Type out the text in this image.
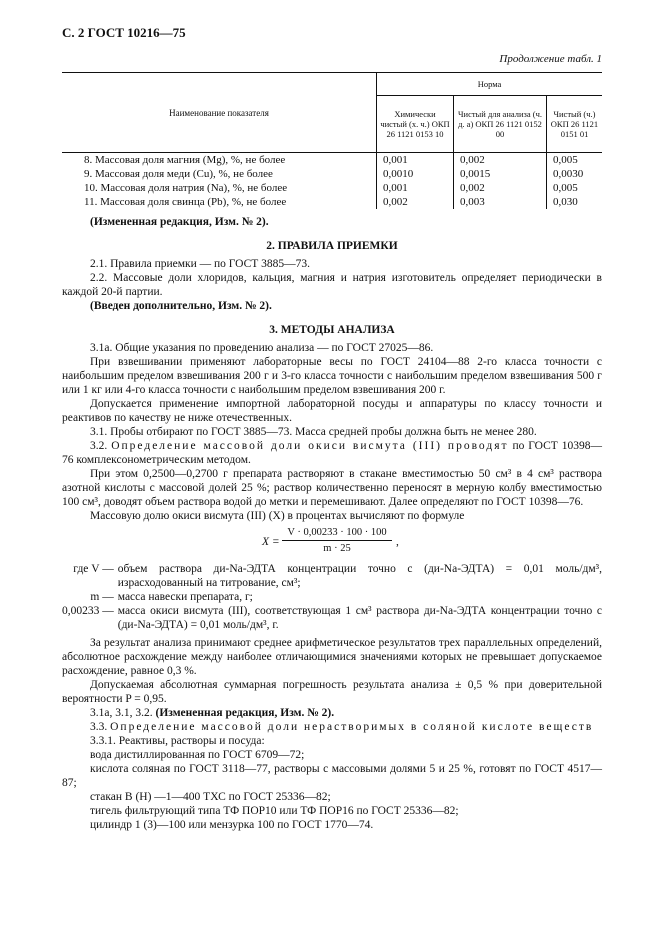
С. 2 ГОСТ 10216—75
Продолжение табл. 1
Наименование показателя	Норма		
	Химически чистый (х. ч.) ОКП 26 1121 0153 10	Чистый для анализа (ч. д. а) ОКП 26 1121 0152 00	Чистый (ч.) ОКП 26 1121 0151 01
8. Массовая доля магния (Mg), %, не более	0,001	0,002	0,005
9. Массовая доля меди (Cu), %, не более	0,0010	0,0015	0,0030
10. Массовая доля натрия (Na), %, не более	0,001	0,002	0,005
11. Массовая доля свинца (Pb), %, не более	0,002	0,003	0,030

(Измененная редакция, Изм. № 2).

2. ПРАВИЛА ПРИЕМКИ

2.1. Правила приемки — по ГОСТ 3885—73.

2.2. Массовые доли хлоридов, кальция, магния и натрия изготовитель определяет периодически в каждой 20-й партии.

(Введен дополнительно, Изм. № 2).

3. МЕТОДЫ АНАЛИЗА

3.1а. Общие указания по проведению анализа — по ГОСТ 27025—86.

При взвешивании применяют лабораторные весы по ГОСТ 24104—88 2-го класса точности с наибольшим пределом взвешивания 200 г и 3-го класса точности с наибольшим пределом взвешивания 500 г или 1 кг или 4-го класса точности с наибольшим пределом взвешивания 200 г.

Допускается применение импортной лабораторной посуды и аппаратуры по классу точности и реактивов по качеству не ниже отечественных.

3.1. Пробы отбирают по ГОСТ 3885—73. Масса средней пробы должна быть не менее 280.

3.2. Определение массовой доли окиси висмута (III) проводят по ГОСТ 10398—76 комплексонометрическим методом.

При этом 0,2500—0,2700 г препарата растворяют в стакане вместимостью 50 см³ в 4 см³ раствора азотной кислоты с массовой долей 25 %; раствор количественно переносят в мерную колбу вместимостью 100 см³, доводят объем раствора водой до метки и перемешивают. Далее определяют по ГОСТ 10398—76.

Массовую долю окиси висмута (III) (X) в процентах вычисляют по формуле

X =
V · 0,00233 · 100 · 100
m · 25
,
где V —	объем раствора ди-Na-ЭДТА концентрации точно c (ди-Na-ЭДТА) = 0,01 моль/дм³, израсходованный на титрование, см³;
m —	масса навески препарата, г;
0,00233 —	масса окиси висмута (III), соответствующая 1 см³ раствора ди-Na-ЭДТА концентрации точно c (ди-Na-ЭДТА) = 0,01 моль/дм³, г.

За результат анализа принимают среднее арифметическое результатов трех параллельных определений, абсолютное расхождение между наиболее отличающимися значениями которых не превышает допускаемое расхождение, равное 0,3 %.

Допускаемая абсолютная суммарная погрешность результата анализа ± 0,5 % при доверительной вероятности P = 0,95.

3.1а, 3.1, 3.2. (Измененная редакция, Изм. № 2).

3.3. Определение массовой доли нерастворимых в соляной кислоте веществ

3.3.1. Реактивы, растворы и посуда:

вода дистиллированная по ГОСТ 6709—72;

кислота соляная по ГОСТ 3118—77, растворы с массовыми долями 5 и 25 %, готовят по ГОСТ 4517—87;

стакан В (Н) —1—400 ТХС по ГОСТ 25336—82;

тигель фильтрующий типа ТФ ПОР10 или ТФ ПОР16 по ГОСТ 25336—82;

цилиндр 1 (3)—100 или мензурка 100 по ГОСТ 1770—74.
